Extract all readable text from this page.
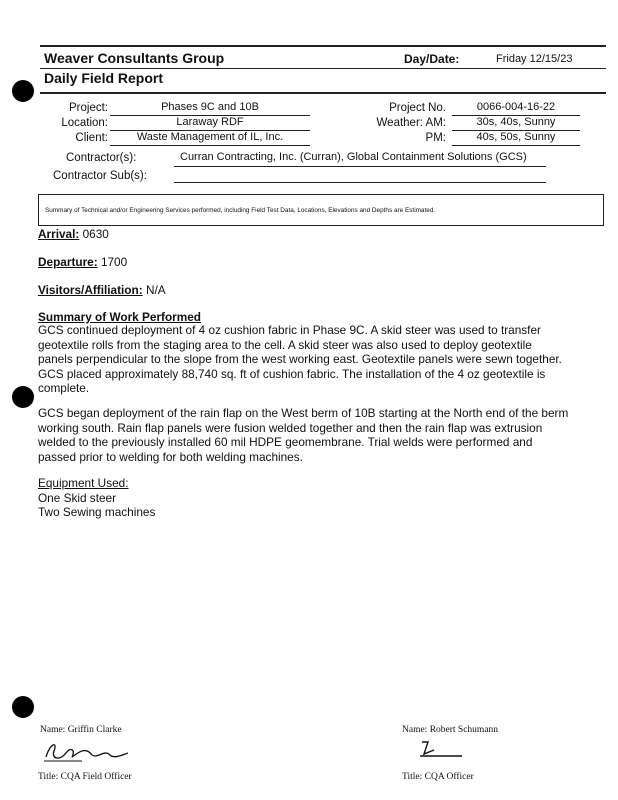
Weaver Consultants Group
Daily Field Report
Day/Date:	Friday 12/15/23
Project:	Phases 9C and 10B
Location:	Laraway RDF
Client:	Waste Management of IL, Inc.
Project No.	0066-004-16-22
Weather: AM:	30s, 40s, Sunny
PM:	40s, 50s, Sunny
Contractor(s):	Curran Contracting, Inc. (Curran), Global Containment Solutions (GCS)
Contractor Sub(s):
Summary of Technical and/or Engineering Services performed, including Field Test Data, Locations, Elevations and Depths are Estimated.
Arrival: 0630
Departure: 1700
Visitors/Affiliation: N/A
Summary of Work Performed
GCS continued deployment of 4 oz cushion fabric in Phase 9C. A skid steer was used to transfer
geotextile rolls from the staging area to the cell. A skid steer was also used to deploy geotextile
panels perpendicular to the slope from the west working east. Geotextile panels were sewn together.
GCS placed approximately 88,740 sq. ft of cushion fabric. The installation of the 4 oz geotextile is
complete.
GCS began deployment of the rain flap on the West berm of 10B starting at the North end of the berm
working south. Rain flap panels were fusion welded together and then the rain flap was extrusion
welded to the previously installed 60 mil HDPE geomembrane. Trial welds were performed and
passed prior to welding for both welding machines.
Equipment Used:
One Skid steer
Two Sewing machines
Name: Griffin Clarke
Title: CQA Field Officer
Name: Robert Schumann
Title: CQA Officer
